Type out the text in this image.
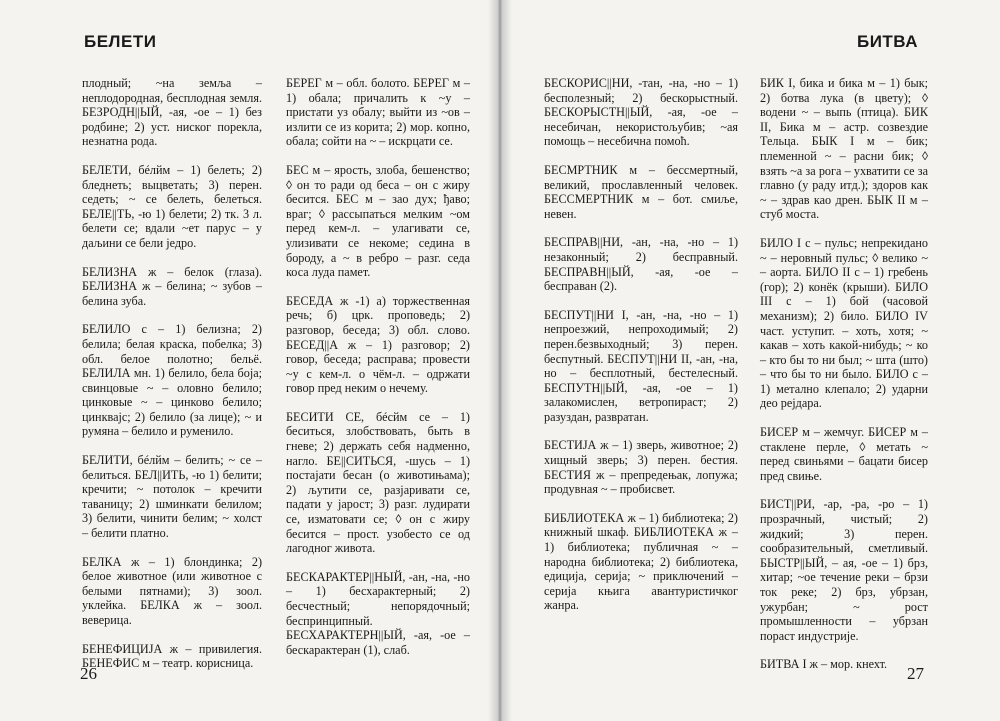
БЕЛЕТИ

плодный; ~на земља – неплодородная, бесплодная земля. БЕЗРОДН||ЫЙ, -ая, -ое – 1) без родбине; 2) уст. ниског порекла, незнатна рода.

БЕЛЕТИ, бéлйм – 1) белеть; 2) бледнеть; выцветать; 3) перен. седеть; ~ се белеть, белеться. БЕЛЕ||ТЬ, -ю 1) белети; 2) тк. 3 л. белети се; вдали ~ет парус – у даљини се бели једро.

БЕЛИЗНА ж – белок (глаза). БЕЛИЗНА ж – белина; ~ зубов – белина зуба.

БЕЛИЛО с – 1) белизна; 2) белила; белая краска, побелка; 3) обл. белое полотно; бельё. БЕЛИЛА мн. 1) белило, бела боја; свинцовые ~ – оловно белило; цинковые ~ – цинково белило; цинквајс; 2) белило (за лице); ~ и румяна – белило и руменило.

БЕЛИТИ, бéлйм – белить; ~ се – белиться. БЕЛ||ИТЬ, -ю 1) белити; кречити; ~ потолок – кречити таваницу; 2) шминкати белилом; 3) белити, чинити белим; ~ холст – белити платно.

БЕЛКА ж – 1) блондинка; 2) белое животное (или животное с белыми пятнами); 3) зоол. уклейка. БЕЛКА ж – зоол. веверица.

БЕНЕФИЦИЈА ж – привилегия. БЕНЕФИС м – театр. корисница.

БЕРЕГ м – обл. болото. БЕРЕГ м – 1) обала; причалить к ~у – пристати уз обалу; выйти из ~ов – излити се из корита; 2) мор. копно, обала; сойти на ~ – искрцати се.

БЕС м – ярость, злоба, бешенство; ◊ он то ради од беса – он с жиру бесится. БЕС м – зао дух; ђаво; враг; ◊ рассыпаться мелким ~ом перед кем-л. – улагивати се, улизивати се некоме; седина в бороду, а ~ в ребро – разг. седа коса луда памет.

БЕСЕДА ж -1) а) торжественная речь; б) црк. проповедь; 2) разговор, беседа; 3) обл. слово. БЕСЕД||А ж – 1) разговор; 2) говор, беседа; расправа; провести ~у с кем-л. о чём-л. – одржати говор пред неким о нечему.

БЕСИТИ СЕ, бéсйм се – 1) беситься, злобствовать, быть в гневе; 2) держать себя надменно, нагло. БЕ||СИТЬСЯ, -шусь – 1) постајати бесан (о животињама); 2) љутити се, разјаривати се, падати у јарост; 3) разг. лудирати се, изматовати се; ◊ он с жиру бесится – прост. узобесто се од лагодног живота.

БЕСКАРАКТЕР||НЫЙ, -ан, -на, -но – 1) бесхарактерный; 2) бесчестный; непорядочный; беспринципный. БЕСХАРАКТЕРН||ЫЙ, -ая, -ое – бескарактеран (1), слаб.

26
БИТВА

БЕСКОРИС||НИ, -тан, -на, -но – 1) бесполезный; 2) бескорыстный. БЕСКОРЫСТН||ЫЙ, -ая, -ое – несебичан, некористољубив; ~ая помощь – несебична помоћ.

БЕСМРТНИК м – бессмертный, великий, прославленный человек. БЕССМЕРТНИК м – бот. смиље, невен.

БЕСПРАВ||НИ, -ан, -на, -но – 1) незаконный; 2) бесправный. БЕСПРАВН||ЫЙ, -ая, -ое – бесправан (2).

БЕСПУТ||НИ I, -ан, -на, -но – 1) непроезжий, непроходимый; 2) перен.безвыходный; 3) перен. беспутный. БЕСПУТ||НИ II, -ан, -на, но – бесплотный, бестелесный. БЕСПУТН||ЫЙ, -ая, -ое – 1) залакомислен, ветропираст; 2) разуздан, развратан.

БЕСТИЈА ж – 1) зверь, животное; 2) хищный зверь; 3) перен. бестия. БЕСТИЯ ж – препредењак, лопужа; продувная ~ – пробисвет.

БИБЛИОТЕКА ж – 1) библиотека; 2) книжный шкаф. БИБЛИОТЕКА ж – 1) библиотека; публичная ~ – народна библиотека; 2) библиотека, едиција, серија; ~ приключений – серија књига авантуристичког жанра.

БИК I, бика и бика м – 1) бык; 2) ботва лука (в цвету); ◊ водени ~ – выпь (птица). БИК II, Бика м – астр. созвездие Тельца. БЫК I м – бик; племенной ~ – расни бик; ◊ взять ~а за рога – ухватити се за главно (у раду итд.); здоров как ~ – здрав као дрен. БЫК II м – стуб моста.

БИЛО I с – пульс; непрекидано ~ – неровный пульс; ◊ велико ~ – аорта. БИЛО II с – 1) гребень (гор); 2) конёк (крыши). БИЛО III с – 1) бой (часовой механизм); 2) било. БИЛО IV част. уступит. – хоть, хотя; ~ какав – хоть какой-нибудь; ~ ко – кто бы то ни был; ~ шта (што) – что бы то ни было. БИЛО с – 1) метално клепало; 2) ударни део рејдара.

БИСЕР м – жемчуг. БИСЕР м – стаклене перле, ◊ метать ~ перед свиньями – бацати бисер пред свиње.

БИСТ||РИ, -ар, -ра, -ро – 1) прозрачный, чистый; 2) жидкий; 3) перен. сообразительный, сметливый. БЫСТР||ЫЙ, – ая, -ое – 1) брз, хитар; ~ое течение реки – брзи ток реке; 2) брз, убрзан, ужурбан; ~ рост промышленности – убрзан пораст индустрије.

БИТВА I ж – мор. кнехт.	27
